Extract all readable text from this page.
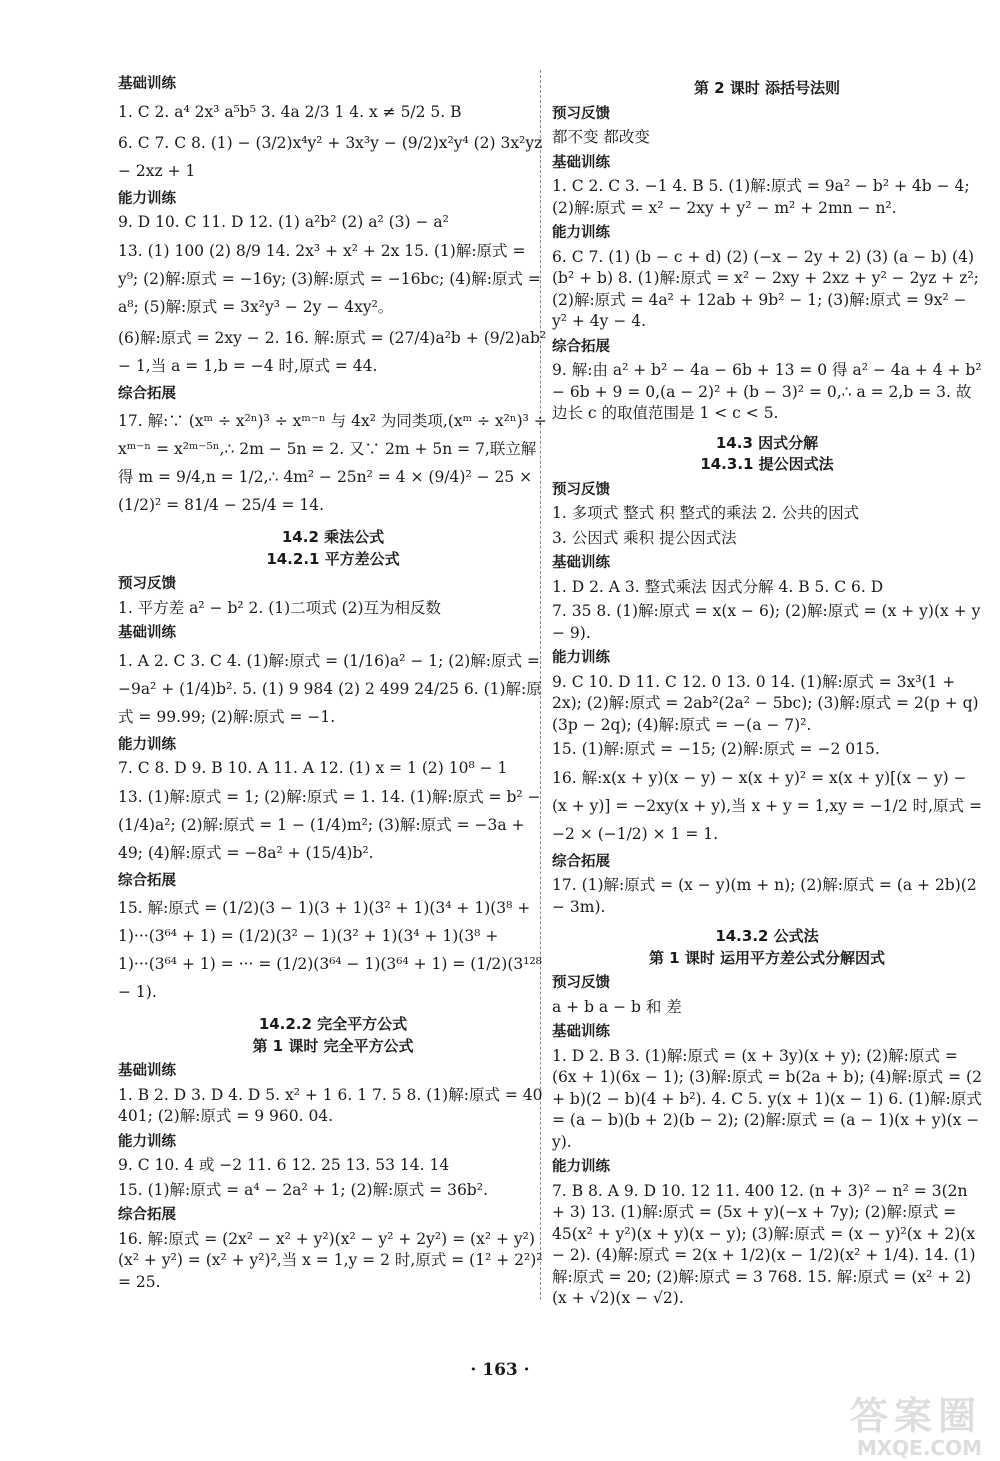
基础训练
1. C 2. a⁴ 2x³ a⁵b⁵ 3. 4a 2/3 1 4. x ≠ 5/2 5. B
6. C 7. C 8. (1) − (3/2)x⁴y² + 3x³y − (9/2)x²y⁴ (2) 3x²yz − 2xz + 1
能力训练
9. D 10. C 11. D 12. (1) a²b² (2) a² (3) − a²
13. (1) 100 (2) 8/9 14. 2x³ + x² + 2x 15. (1)解:原式 = y⁹; (2)解:原式 = −16y; (3)解:原式 = −16bc; (4)解:原式 = a⁸; (5)解:原式 = 3x²y³ − 2y − 4xy²。
(6)解:原式 = 2xy − 2. 16. 解:原式 = (27/4)a²b + (9/2)ab² − 1,当 a = 1,b = −4 时,原式 = 44.
综合拓展
17. 解:∵ (xᵐ ÷ x²ⁿ)³ ÷ xᵐ⁻ⁿ 与 4x² 为同类项,(xᵐ ÷ x²ⁿ)³ ÷ xᵐ⁻ⁿ = x²ᵐ⁻⁵ⁿ,∴ 2m − 5n = 2. 又∵ 2m + 5n = 7,联立解得 m = 9/4,n = 1/2,∴ 4m² − 25n² = 4 × (9/4)² − 25 × (1/2)² = 81/4 − 25/4 = 14.
14.2 乘法公式
14.2.1 平方差公式
预习反馈
1. 平方差 a² − b² 2. (1)二项式 (2)互为相反数
基础训练
1. A 2. C 3. C 4. (1)解:原式 = (1/16)a² − 1; (2)解:原式 = −9a² + (1/4)b². 5. (1) 9 984 (2) 2 499 24/25 6. (1)解:原式 = 99.99; (2)解:原式 = −1.
能力训练
7. C 8. D 9. B 10. A 11. A 12. (1) x = 1 (2) 10⁸ − 1
13. (1)解:原式 = 1; (2)解:原式 = 1. 14. (1)解:原式 = b² − (1/4)a²; (2)解:原式 = 1 − (1/4)m²; (3)解:原式 = −3a + 49; (4)解:原式 = −8a² + (15/4)b².
综合拓展
15. 解:原式 = (1/2)(3 − 1)(3 + 1)(3² + 1)(3⁴ + 1)(3⁸ + 1)···(3⁶⁴ + 1) = (1/2)(3² − 1)(3² + 1)(3⁴ + 1)(3⁸ + 1)···(3⁶⁴ + 1) = ··· = (1/2)(3⁶⁴ − 1)(3⁶⁴ + 1) = (1/2)(3¹²⁸ − 1).
14.2.2 完全平方公式
第 1 课时 完全平方公式
基础训练
1. B 2. D 3. D 4. D 5. x² + 1 6. 1 7. 5 8. (1)解:原式 = 40 401; (2)解:原式 = 9 960. 04.
能力训练
9. C 10. 4 或 −2 11. 6 12. 25 13. 53 14. 14
15. (1)解:原式 = a⁴ − 2a² + 1; (2)解:原式 = 36b².
综合拓展
16. 解:原式 = (2x² − x² + y²)(x² − y² + 2y²) = (x² + y²)(x² + y²) = (x² + y²)²,当 x = 1,y = 2 时,原式 = (1² + 2²)² = 25.
第 2 课时 添括号法则
预习反馈
都不变 都改变
基础训练
1. C 2. C 3. −1 4. B 5. (1)解:原式 = 9a² − b² + 4b − 4; (2)解:原式 = x² − 2xy + y² − m² + 2mn − n².
能力训练
6. C 7. (1) (b − c + d) (2) (−x − 2y + 2) (3) (a − b) (4) (b² + b) 8. (1)解:原式 = x² − 2xy + 2xz + y² − 2yz + z²; (2)解:原式 = 4a² + 12ab + 9b² − 1; (3)解:原式 = 9x² − y² + 4y − 4.
综合拓展
9. 解:由 a² + b² − 4a − 6b + 13 = 0 得 a² − 4a + 4 + b² − 6b + 9 = 0,(a − 2)² + (b − 3)² = 0,∴ a = 2,b = 3. 故边长 c 的取值范围是 1 < c < 5.
14.3 因式分解
14.3.1 提公因式法
预习反馈
1. 多项式 整式 积 整式的乘法 2. 公共的因式
3. 公因式 乘积 提公因式法
基础训练
1. D 2. A 3. 整式乘法 因式分解 4. B 5. C 6. D
7. 35 8. (1)解:原式 = x(x − 6); (2)解:原式 = (x + y)(x + y − 9).
能力训练
9. C 10. D 11. C 12. 0 13. 0 14. (1)解:原式 = 3x³(1 + 2x); (2)解:原式 = 2ab²(2a² − 5bc); (3)解:原式 = 2(p + q)(3p − 2q); (4)解:原式 = −(a − 7)².
15. (1)解:原式 = −15; (2)解:原式 = −2 015.
16. 解:x(x + y)(x − y) − x(x + y)² = x(x + y)[(x − y) − (x + y)] = −2xy(x + y),当 x + y = 1,xy = −1/2 时,原式 = −2 × (−1/2) × 1 = 1.
综合拓展
17. (1)解:原式 = (x − y)(m + n); (2)解:原式 = (a + 2b)(2 − 3m).
14.3.2 公式法
第 1 课时 运用平方差公式分解因式
预习反馈
a + b a − b 和 差
基础训练
1. D 2. B 3. (1)解:原式 = (x + 3y)(x + y); (2)解:原式 = (6x + 1)(6x − 1); (3)解:原式 = b(2a + b); (4)解:原式 = (2 + b)(2 − b)(4 + b²). 4. C 5. y(x + 1)(x − 1) 6. (1)解:原式 = (a − b)(b + 2)(b − 2); (2)解:原式 = (a − 1)(x + y)(x − y).
能力训练
7. B 8. A 9. D 10. 12 11. 400 12. (n + 3)² − n² = 3(2n + 3) 13. (1)解:原式 = (5x + y)(−x + 7y); (2)解:原式 = 45(x² + y²)(x + y)(x − y); (3)解:原式 = (x − y)²(x + 2)(x − 2). (4)解:原式 = 2(x + 1/2)(x − 1/2)(x² + 1/4). 14. (1)解:原式 = 20; (2)解:原式 = 3 768. 15. 解:原式 = (x² + 2)(x + √2)(x − √2).
· 163 ·
答案圈
MXQE.COM
